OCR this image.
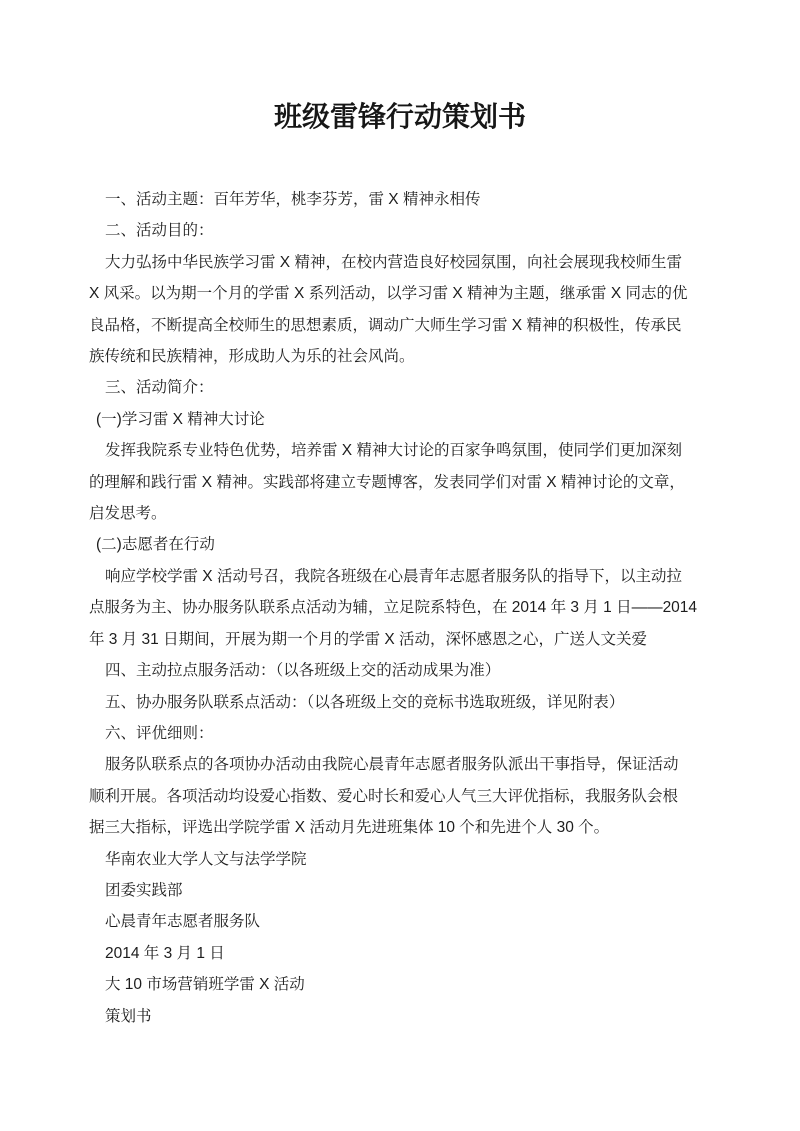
班级雷锋行动策划书
一、活动主题：百年芳华，桃李芬芳，雷 X 精神永相传
二、活动目的：
大力弘扬中华民族学习雷 X 精神，在校内营造良好校园氛围，向社会展现我校师生雷
X 风采。以为期一个月的学雷 X 系列活动，以学习雷 X 精神为主题，继承雷 X 同志的优
良品格，不断提高全校师生的思想素质，调动广大师生学习雷 X 精神的积极性，传承民
族传统和民族精神，形成助人为乐的社会风尚。
三、活动简介：
(一)学习雷 X 精神大讨论
发挥我院系专业特色优势，培养雷 X 精神大讨论的百家争鸣氛围，使同学们更加深刻
的理解和践行雷 X 精神。实践部将建立专题博客，发表同学们对雷 X 精神讨论的文章，
启发思考。
(二)志愿者在行动
响应学校学雷 X 活动号召，我院各班级在心晨青年志愿者服务队的指导下，以主动拉
点服务为主、协办服务队联系点活动为辅，立足院系特色，在 2014 年 3 月 1 日——2014
年 3 月 31 日期间，开展为期一个月的学雷 X 活动，深怀感恩之心，广送人文关爱
四、主动拉点服务活动：（以各班级上交的活动成果为准）
五、协办服务队联系点活动：（以各班级上交的竞标书选取班级，详见附表）
六、评优细则：
服务队联系点的各项协办活动由我院心晨青年志愿者服务队派出干事指导，保证活动
顺利开展。各项活动均设爱心指数、爱心时长和爱心人气三大评优指标，我服务队会根
据三大指标，评选出学院学雷 X 活动月先进班集体 10 个和先进个人 30 个。
华南农业大学人文与法学学院
团委实践部
心晨青年志愿者服务队
2014 年 3 月 1 日
大 10 市场营销班学雷 X 活动
策划书
